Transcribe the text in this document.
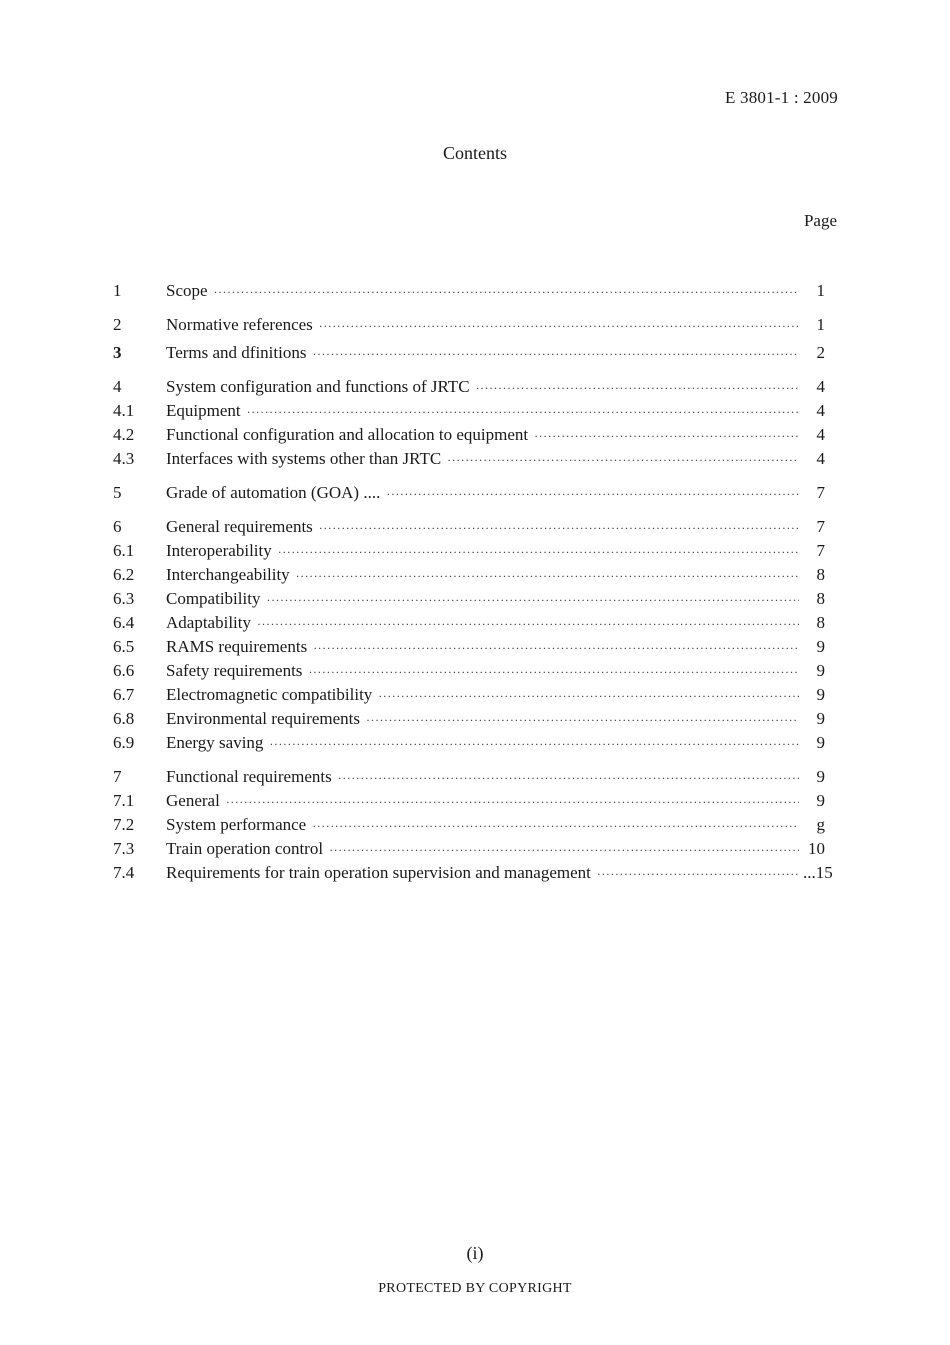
E 3801-1 : 2009
Contents
Page
1	Scope ·····	1
2	Normative references ·····	1
3	Terms and dfinitions ·····	2
4	System configuration and functions of JRTC ·····	4
4.1	Equipment ·····	4
4.2	Functional configuration and allocation to equipment ·····	4
4.3	Interfaces with systems other than JRTC ·····	4
5	Grade of automation (GOA) .... ·····	7
6	General requirements ·····	7
6.1	Interoperability ·····	7
6.2	Interchangeability ·····	8
6.3	Compatibility ·····	8
6.4	Adaptability ·····	8
6.5	RAMS requirements ·····	9
6.6	Safety requirements ·····	9
6.7	Electromagnetic compatibility ·····	9
6.8	Environmental requirements ·····	9
6.9	Energy saving ·····	9
7	Functional requirements ·····	9
7.1	General ·····	9
7.2	System performance ·····	g
7.3	Train operation control ·····	10
7.4	Requirements for train operation supervision and management ·····	...15
(i)
PROTECTED BY COPYRIGHT
